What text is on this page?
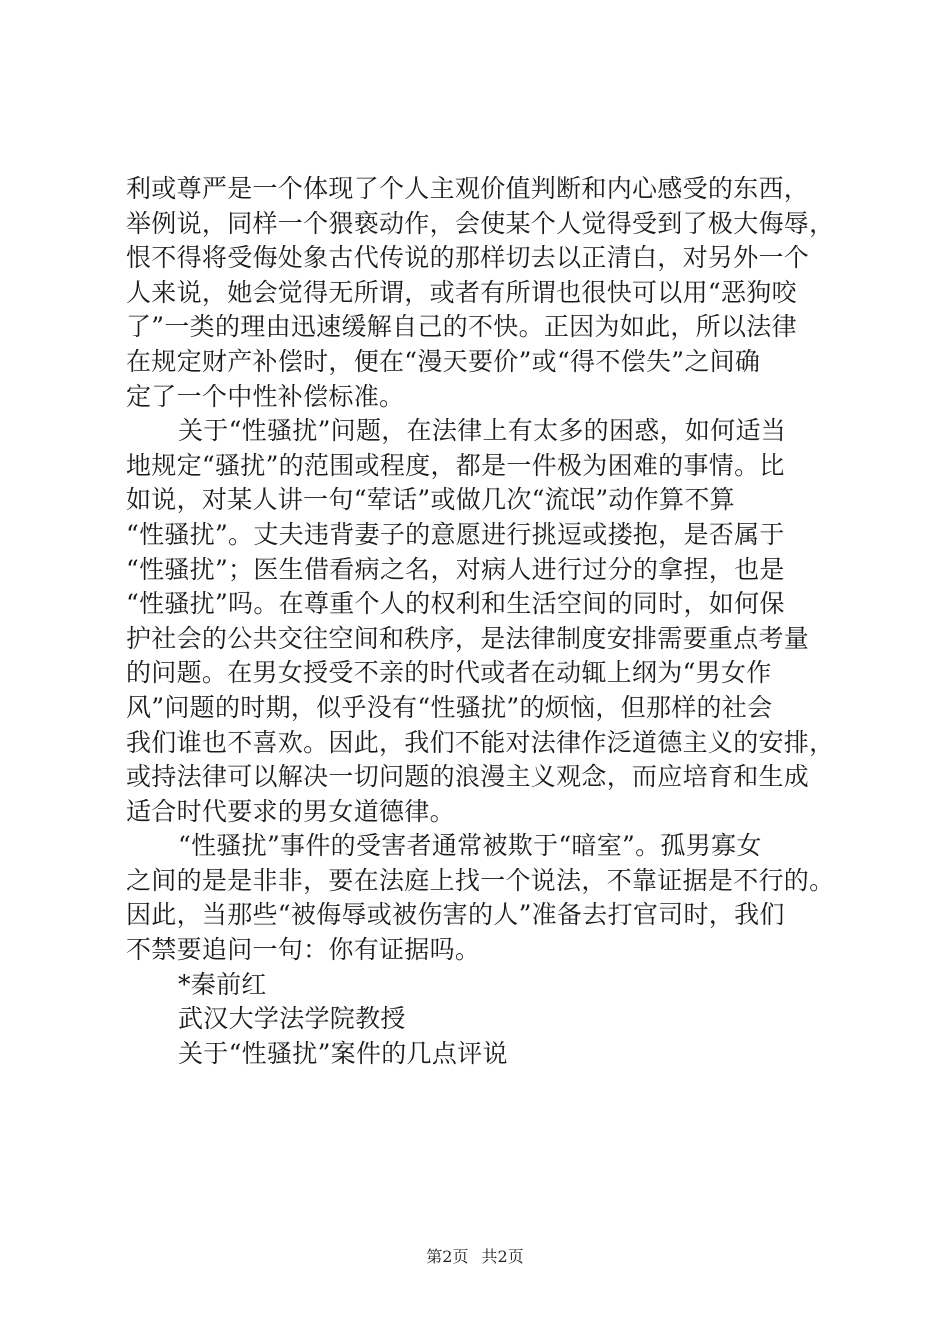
利或尊严是一个体现了个人主观价值判断和内心感受的东西，
举例说，同样一个猥亵动作，会使某个人觉得受到了极大侮辱，
恨不得将受侮处象古代传说的那样切去以正清白，对另外一个
人来说，她会觉得无所谓，或者有所谓也很快可以用“恶狗咬
了”一类的理由迅速缓解自己的不快。正因为如此，所以法律
在规定财产补偿时，便在“漫天要价”或“得不偿失”之间确
定了一个中性补偿标准。
关于“性骚扰”问题，在法律上有太多的困惑，如何适当
地规定“骚扰”的范围或程度，都是一件极为困难的事情。比
如说，对某人讲一句“荤话”或做几次“流氓”动作算不算
“性骚扰”。丈夫违背妻子的意愿进行挑逗或搂抱，是否属于
“性骚扰”；医生借看病之名，对病人进行过分的拿捏，也是
“性骚扰”吗。在尊重个人的权利和生活空间的同时，如何保
护社会的公共交往空间和秩序，是法律制度安排需要重点考量
的问题。在男女授受不亲的时代或者在动辄上纲为“男女作
风”问题的时期，似乎没有“性骚扰”的烦恼，但那样的社会
我们谁也不喜欢。因此，我们不能对法律作泛道德主义的安排，
或持法律可以解决一切问题的浪漫主义观念，而应培育和生成
适合时代要求的男女道德律。
“性骚扰”事件的受害者通常被欺于“暗室”。孤男寡女
之间的是是非非，要在法庭上找一个说法，不靠证据是不行的。
因此，当那些“被侮辱或被伤害的人”准备去打官司时，我们
不禁要追问一句：你有证据吗。
*秦前红
武汉大学法学院教授
关于“性骚扰”案件的几点评说
第2页 共2页
